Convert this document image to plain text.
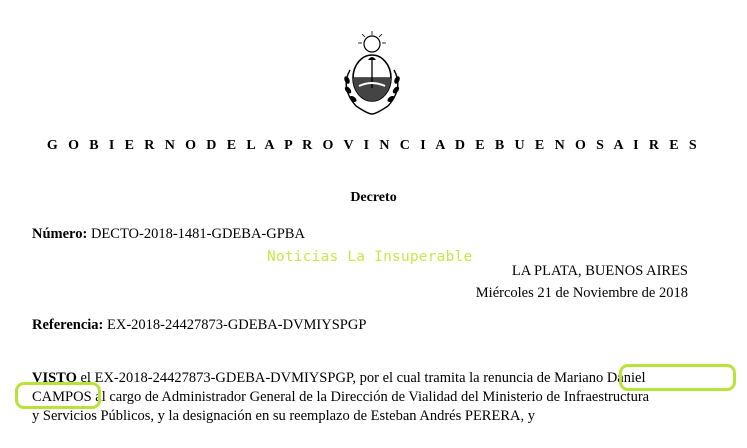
G O B I E R N O D E L A P R O V I N C I A D E B U E N O S A I R E S
Decreto
Número: DECTO-2018-1481-GDEBA-GPBA
Noticias La Insuperable
LA PLATA, BUENOS AIRES
Miércoles 21 de Noviembre de 2018
Referencia: EX-2018-24427873-GDEBA-DVMIYSPGP
VISTO el EX-2018-24427873-GDEBA-DVMIYSPGP, por el cual tramita la renuncia de Mariano Daniel
CAMPOS al cargo de Administrador General de la Dirección de Vialidad del Ministerio de Infraestructura
y Servicios Públicos, y la designación en su reemplazo de Esteban Andrés PERERA, y
